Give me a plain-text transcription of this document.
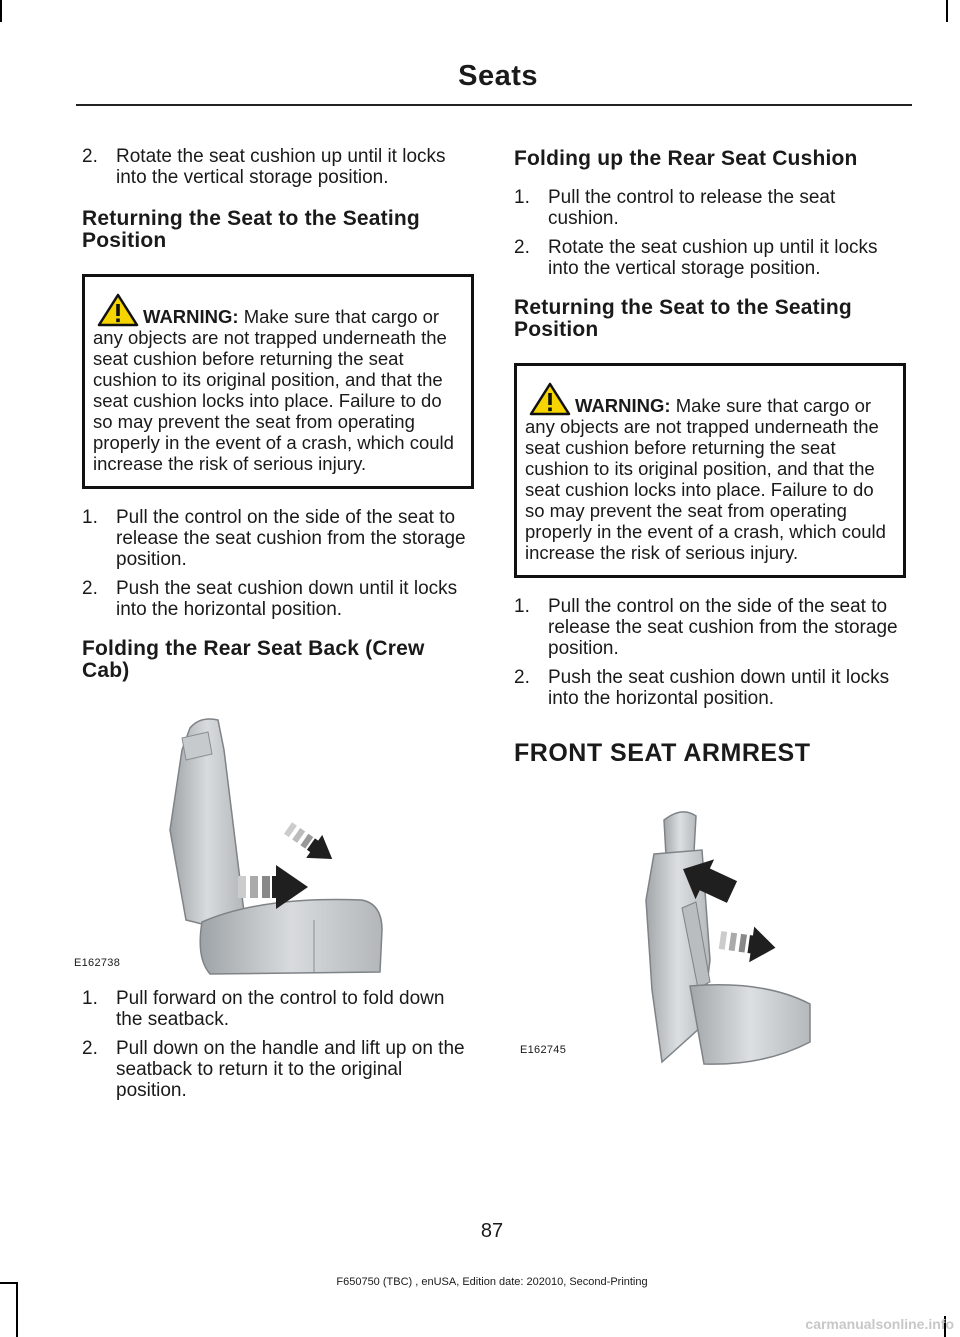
Seats
2. Rotate the seat cushion up until it locks into the vertical storage position.
Returning the Seat to the Seating Position

WARNING: Make sure that cargo or any objects are not trapped underneath the seat cushion before returning the seat cushion to its original position, and that the seat cushion locks into place. Failure to do so may prevent the seat from operating properly in the event of a crash, which could increase the risk of serious injury.

1. Pull the control on the side of the seat to release the seat cushion from the storage position.
2. Push the seat cushion down until it locks into the horizontal position.
Folding the Rear Seat Back (Crew Cab)
E162738
1. Pull forward on the control to fold down the seatback.
2. Pull down on the handle and lift up on the seatback to return it to the original position.
Folding up the Rear Seat Cushion
1. Pull the control to release the seat cushion.
2. Rotate the seat cushion up until it locks into the vertical storage position.
Returning the Seat to the Seating Position

WARNING: Make sure that cargo or any objects are not trapped underneath the seat cushion before returning the seat cushion to its original position, and that the seat cushion locks into place. Failure to do so may prevent the seat from operating properly in the event of a crash, which could increase the risk of serious injury.

1. Pull the control on the side of the seat to release the seat cushion from the storage position.
2. Push the seat cushion down until it locks into the horizontal position.
FRONT SEAT ARMREST
E162745
87
F650750 (TBC) , enUSA, Edition date: 202010, Second-Printing
carmanualsonline.info
